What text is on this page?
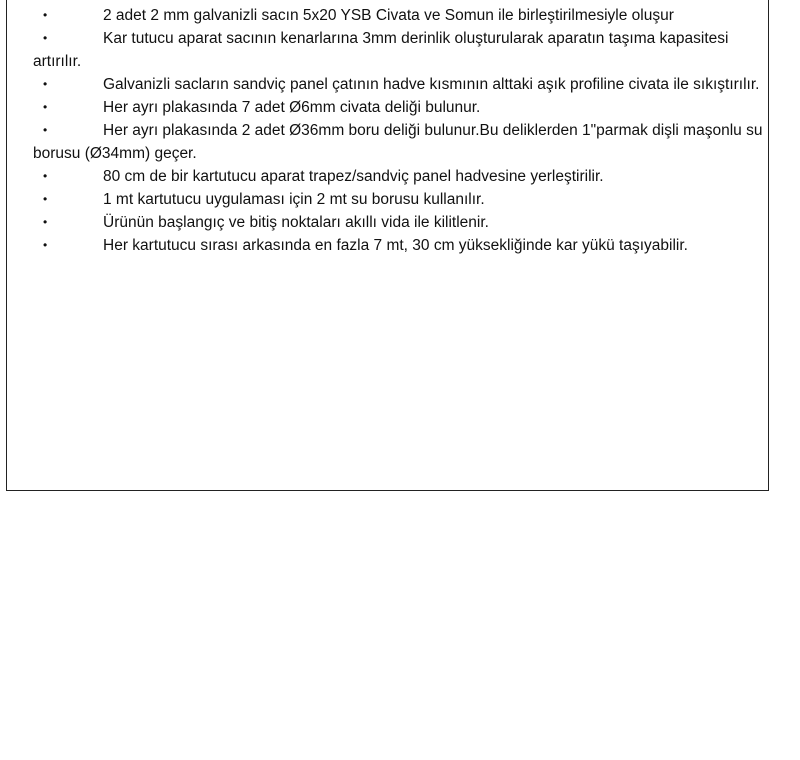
•	2 adet 2 mm galvanizli sacın 5x20 YSB Civata ve Somun ile birleştirilmesiyle oluşur
•	Kar tutucu aparat sacının kenarlarına 3mm derinlik oluşturularak aparatın taşıma kapasitesi artırılır.
•	Galvanizli sacların sandviç panel çatının hadve kısmının alttaki aşık profiline civata ile sıkıştırılır.
•	Her ayrı plakasında 7 adet Ø6mm civata deliği bulunur.
•	Her ayrı plakasında 2 adet Ø36mm boru deliği bulunur.Bu deliklerden 1"parmak dişli maşonlu su borusu (Ø34mm) geçer.
•	80 cm de bir kartutucu aparat trapez/sandviç panel hadvesine yerleştirilir.
•	1 mt kartutucu uygulaması için 2 mt su borusu kullanılır.
•	Ürünün başlangıç ve bitiş noktaları akıllı vida ile kilitlenir.
•	Her kartutucu sırası arkasında en fazla 7 mt, 30 cm yüksekliğinde kar yükü taşıyabilir.
